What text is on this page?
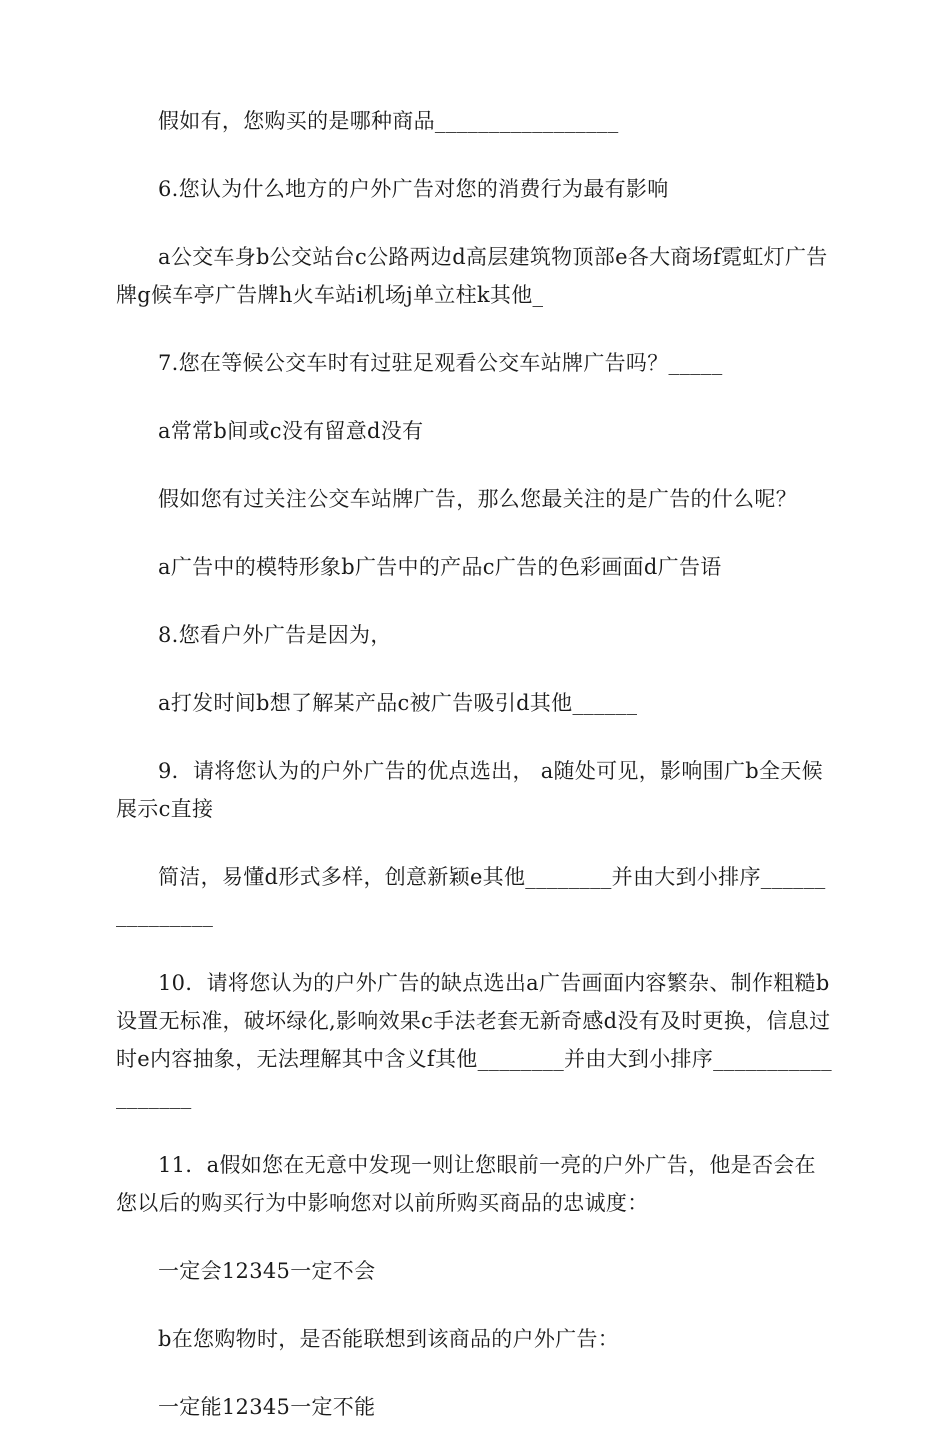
假如有，您购买的是哪种商品_________________

6.您认为什么地方的户外广告对您的消费行为最有影响

a公交车身b公交站台c公路两边d高层建筑物顶部e各大商场f霓虹灯广告牌g候车亭广告牌h火车站i机场j单立柱k其他_

7.您在等候公交车时有过驻足观看公交车站牌广告吗？_____

a常常b间或c没有留意d没有

假如您有过关注公交车站牌广告，那么您最关注的是广告的什么呢？

a广告中的模特形象b广告中的产品c广告的色彩画面d广告语

8.您看户外广告是因为，

a打发时间b想了解某产品c被广告吸引d其他______

9．请将您认为的户外广告的优点选出， a随处可见，影响围广b全天候展示c直接

简洁，易懂d形式多样，创意新颖e其他________并由大到小排序_______________

10．请将您认为的户外广告的缺点选出a广告画面内容繁杂、制作粗糙b设置无标准，破坏绿化,影响效果c手法老套无新奇感d没有及时更换，信息过时e内容抽象，无法理解其中含义f其他________并由大到小排序__________________

11．a假如您在无意中发现一则让您眼前一亮的户外广告，他是否会在您以后的购买行为中影响您对以前所购买商品的忠诚度：

一定会12345一定不会

b在您购物时，是否能联想到该商品的户外广告：

一定能12345一定不能
